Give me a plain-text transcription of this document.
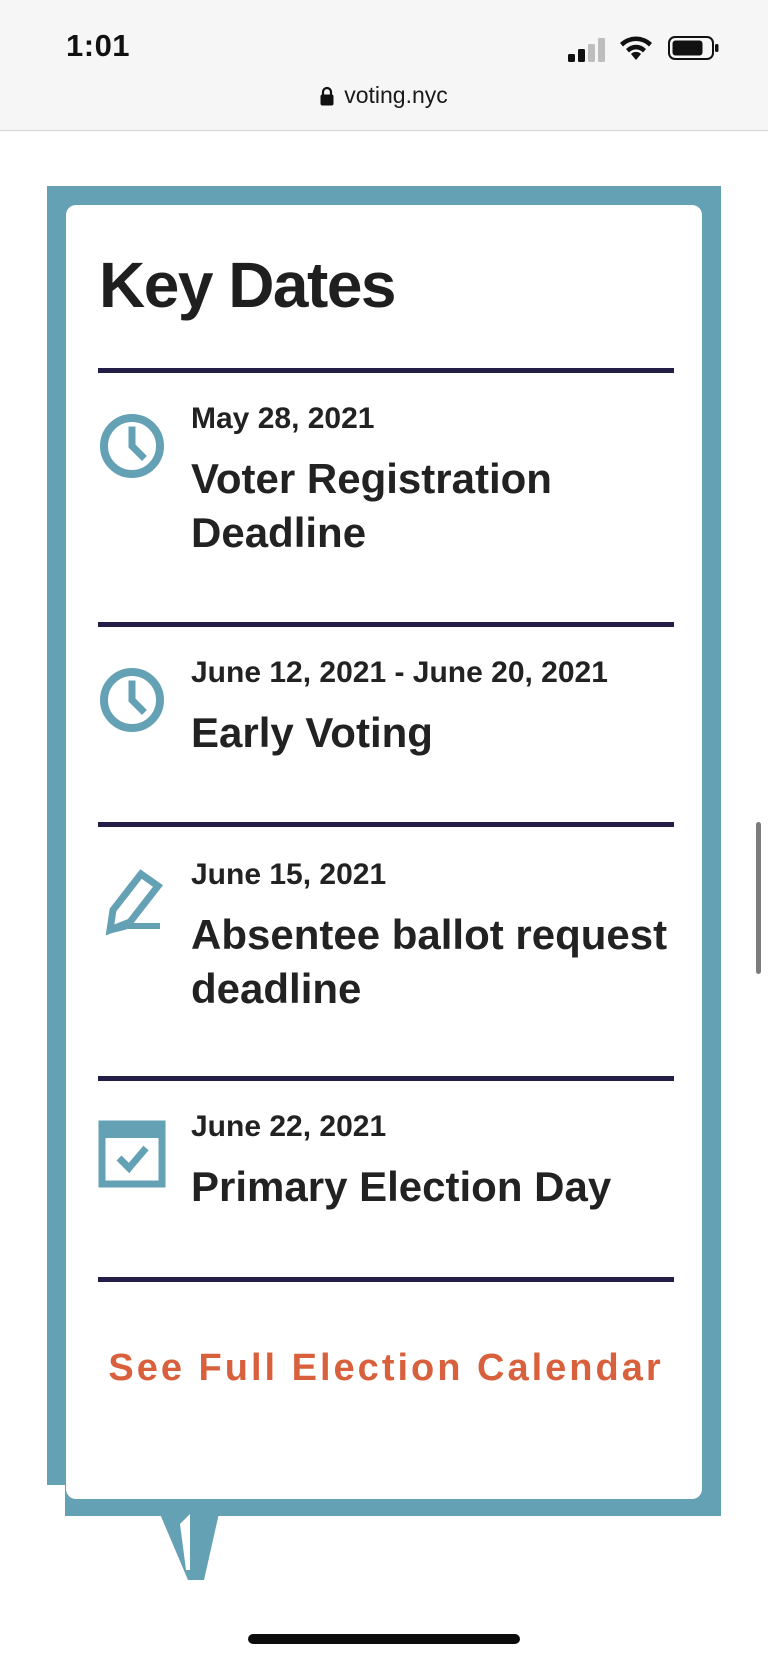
1:01
voting.nyc
Key Dates
May 28, 2021
Voter Registration Deadline
June 12, 2021 - June 20, 2021
Early Voting
June 15, 2021
Absentee ballot request deadline
June 22, 2021
Primary Election Day
See Full Election Calendar
